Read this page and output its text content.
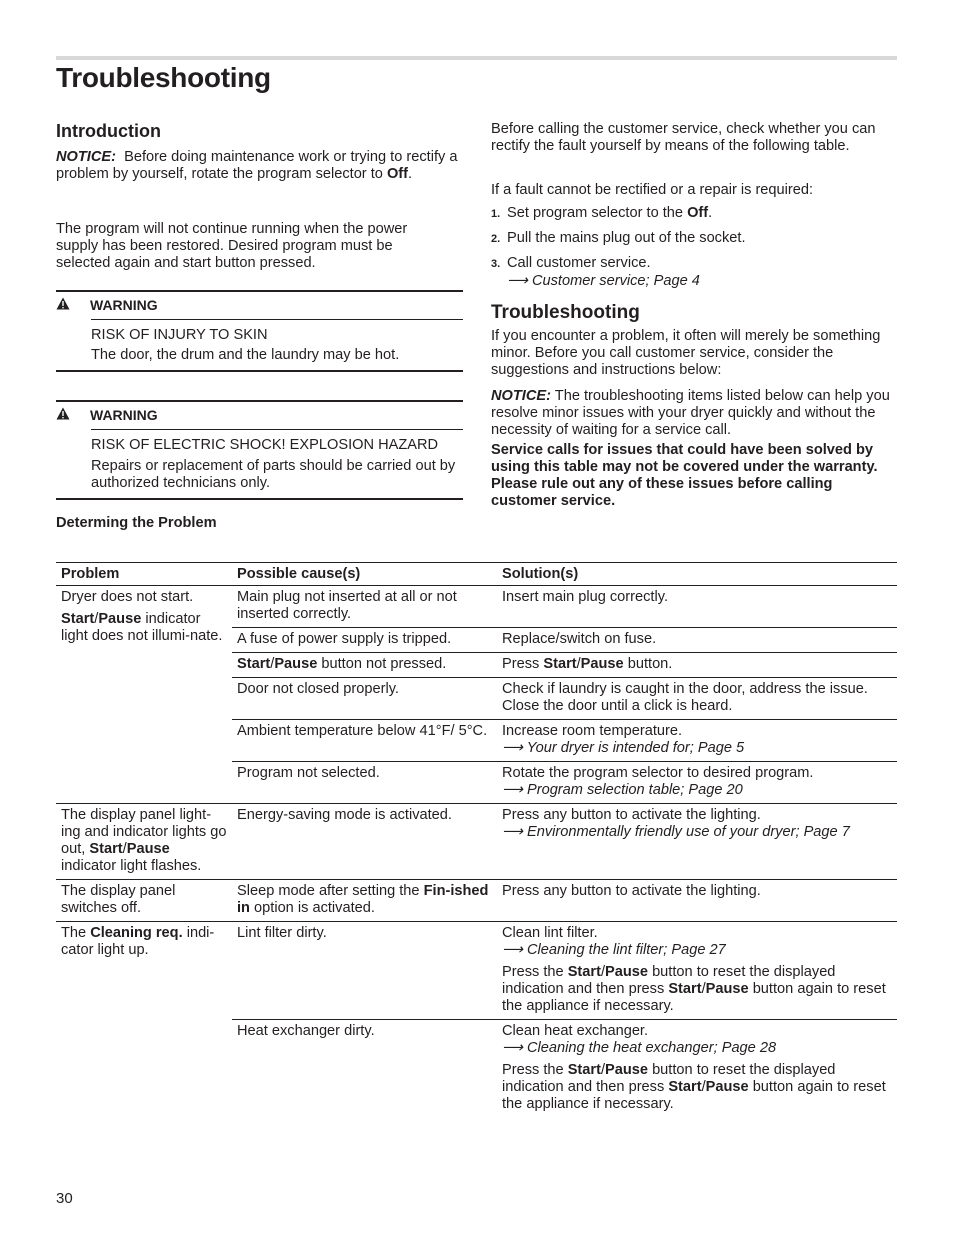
Troubleshooting
Introduction
NOTICE: Before doing maintenance work or trying to rectify a problem by yourself, rotate the program selector to Off.
The program will not continue running when the power supply has been restored. Desired program must be selected again and start button pressed.
WARNING
RISK OF INJURY TO SKIN
The door, the drum and the laundry may be hot.
WARNING
RISK OF ELECTRIC SHOCK! EXPLOSION HAZARD
Repairs or replacement of parts should be carried out by authorized technicians only.
Determing the Problem
Before calling the customer service, check whether you can rectify the fault yourself by means of the following table.
If a fault cannot be rectified or a repair is required:
1. Set program selector to the Off.
2. Pull the mains plug out of the socket.
3. Call customer service.
⟶ Customer service; Page 4
Troubleshooting
If you encounter a problem, it often will merely be something minor. Before you call customer service, consider the suggestions and instructions below:
NOTICE: The troubleshooting items listed below can help you resolve minor issues with your dryer quickly and without the necessity of waiting for a service call.
Service calls for issues that could have been solved by using this table may not be covered under the warranty. Please rule out any of these issues before calling customer service.
Problem	Possible cause(s)	Solution(s)
Dryer does not start.
Start/Pause indicator light does not illumi-nate.	Main plug not inserted at all or not inserted correctly.	Insert main plug correctly.
	A fuse of power supply is tripped.	Replace/switch on fuse.
	Start/Pause button not pressed.	Press Start/Pause button.
	Door not closed properly.	Check if laundry is caught in the door, address the issue. Close the door until a click is heard.
	Ambient temperature below 41°F/ 5°C.	Increase room temperature.
⟶ Your dryer is intended for; Page 5

	Program not selected.	Rotate the program selector to desired program.
⟶ Program selection table; Page 20

The display panel light-ing and indicator lights go out, Start/Pause indicator light flashes.	Energy-saving mode is activated.	Press any button to activate the lighting.
⟶ Environmentally friendly use of your dryer; Page 7

The display panel switches off.	Sleep mode after setting the Fin-ished in option is activated.	Press any button to activate the lighting.
The Cleaning req. indi-cator light up.	Lint filter dirty.	Clean lint filter.
⟶ Cleaning the lint filter; Page 27
Press the Start/Pause button to reset the displayed indication and then press Start/Pause button again to reset the appliance if necessary.

	Heat exchanger dirty.	Clean heat exchanger.
⟶ Cleaning the heat exchanger; Page 28
Press the Start/Pause button to reset the displayed indication and then press Start/Pause button again to reset the appliance if necessary.
30
